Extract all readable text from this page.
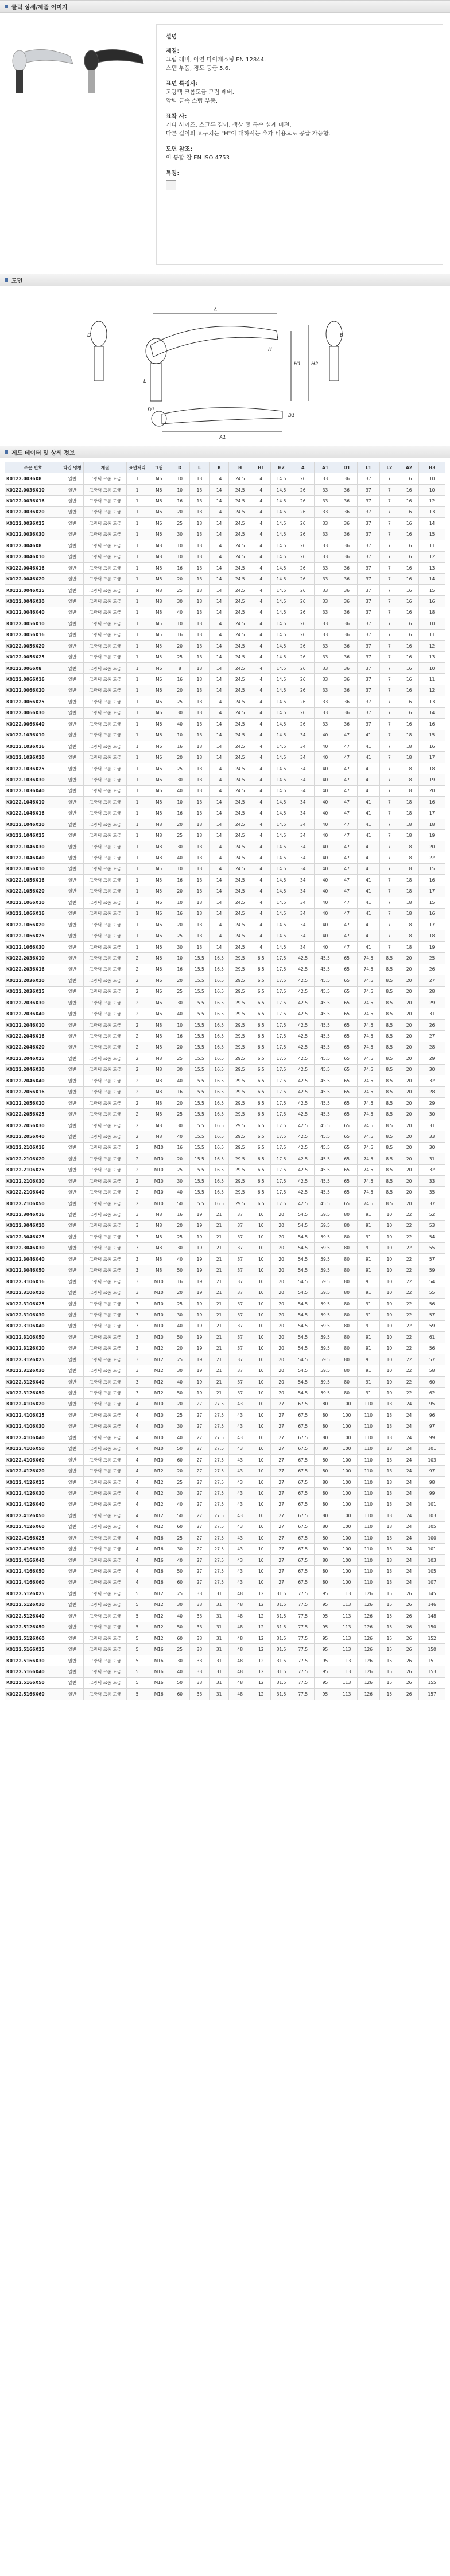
클릭 상세/제품 이미지
설명
재질:
그립 레버, 아연 다이캐스팅 EN 12844.
스텝 부품, 경도 등급 5.6.
표면 특징사:
고광택 크롬도금 그립 레버.
암벽 금속 스텝 부품.
표착 사:
기타 사이즈, 스크류 길이, 색상 및 특수 설계 버전.
다른 길이의 요구치는 "H"이 대하시는 추가 비용으로 공급 가능함.
도면 참조:
이 통합 참 EN ISO 4753
특징:
도면
A
H1 H2
D
L
A1
B
D1
H
B1
제도 데이터 및 상세 정보
주문 번호	타입 명칭	재질	표면처리	그립	D	L	B	H	H1	H2	A	A1	D1	L1	L2	A2	H3
K0122.0036X8	일반	고광택 크롬 도금	1	M6	10	13	14	24.5	4	14.5	26	33	36	37	7	16	10
K0122.0036X10	일반	고광택 크롬 도금	1	M6	10	13	14	24.5	4	14.5	26	33	36	37	7	16	10
K0122.0036X16	일반	고광택 크롬 도금	1	M6	16	13	14	24.5	4	14.5	26	33	36	37	7	16	12
K0122.0036X20	일반	고광택 크롬 도금	1	M6	20	13	14	24.5	4	14.5	26	33	36	37	7	16	13
K0122.0036X25	일반	고광택 크롬 도금	1	M6	25	13	14	24.5	4	14.5	26	33	36	37	7	16	14
K0122.0036X30	일반	고광택 크롬 도금	1	M6	30	13	14	24.5	4	14.5	26	33	36	37	7	16	15
K0122.0046X8	일반	고광택 크롬 도금	1	M8	10	13	14	24.5	4	14.5	26	33	36	37	7	16	11
K0122.0046X10	일반	고광택 크롬 도금	1	M8	10	13	14	24.5	4	14.5	26	33	36	37	7	16	12
K0122.0046X16	일반	고광택 크롬 도금	1	M8	16	13	14	24.5	4	14.5	26	33	36	37	7	16	13
K0122.0046X20	일반	고광택 크롬 도금	1	M8	20	13	14	24.5	4	14.5	26	33	36	37	7	16	14
K0122.0046X25	일반	고광택 크롬 도금	1	M8	25	13	14	24.5	4	14.5	26	33	36	37	7	16	15
K0122.0046X30	일반	고광택 크롬 도금	1	M8	30	13	14	24.5	4	14.5	26	33	36	37	7	16	16
K0122.0046X40	일반	고광택 크롬 도금	1	M8	40	13	14	24.5	4	14.5	26	33	36	37	7	16	18
K0122.0056X10	일반	고광택 크롬 도금	1	M5	10	13	14	24.5	4	14.5	26	33	36	37	7	16	10
K0122.0056X16	일반	고광택 크롬 도금	1	M5	16	13	14	24.5	4	14.5	26	33	36	37	7	16	11
K0122.0056X20	일반	고광택 크롬 도금	1	M5	20	13	14	24.5	4	14.5	26	33	36	37	7	16	12
K0122.0056X25	일반	고광택 크롬 도금	1	M5	25	13	14	24.5	4	14.5	26	33	36	37	7	16	13
K0122.0066X8	일반	고광택 크롬 도금	1	M6	8	13	14	24.5	4	14.5	26	33	36	37	7	16	10
K0122.0066X16	일반	고광택 크롬 도금	1	M6	16	13	14	24.5	4	14.5	26	33	36	37	7	16	11
K0122.0066X20	일반	고광택 크롬 도금	1	M6	20	13	14	24.5	4	14.5	26	33	36	37	7	16	12
K0122.0066X25	일반	고광택 크롬 도금	1	M6	25	13	14	24.5	4	14.5	26	33	36	37	7	16	13
K0122.0066X30	일반	고광택 크롬 도금	1	M6	30	13	14	24.5	4	14.5	26	33	36	37	7	16	14
K0122.0066X40	일반	고광택 크롬 도금	1	M6	40	13	14	24.5	4	14.5	26	33	36	37	7	16	16
K0122.1036X10	일반	고광택 크롬 도금	1	M6	10	13	14	24.5	4	14.5	34	40	47	41	7	18	15
K0122.1036X16	일반	고광택 크롬 도금	1	M6	16	13	14	24.5	4	14.5	34	40	47	41	7	18	16
K0122.1036X20	일반	고광택 크롬 도금	1	M6	20	13	14	24.5	4	14.5	34	40	47	41	7	18	17
K0122.1036X25	일반	고광택 크롬 도금	1	M6	25	13	14	24.5	4	14.5	34	40	47	41	7	18	18
K0122.1036X30	일반	고광택 크롬 도금	1	M6	30	13	14	24.5	4	14.5	34	40	47	41	7	18	19
K0122.1036X40	일반	고광택 크롬 도금	1	M6	40	13	14	24.5	4	14.5	34	40	47	41	7	18	20
K0122.1046X10	일반	고광택 크롬 도금	1	M8	10	13	14	24.5	4	14.5	34	40	47	41	7	18	16
K0122.1046X16	일반	고광택 크롬 도금	1	M8	16	13	14	24.5	4	14.5	34	40	47	41	7	18	17
K0122.1046X20	일반	고광택 크롬 도금	1	M8	20	13	14	24.5	4	14.5	34	40	47	41	7	18	18
K0122.1046X25	일반	고광택 크롬 도금	1	M8	25	13	14	24.5	4	14.5	34	40	47	41	7	18	19
K0122.1046X30	일반	고광택 크롬 도금	1	M8	30	13	14	24.5	4	14.5	34	40	47	41	7	18	20
K0122.1046X40	일반	고광택 크롬 도금	1	M8	40	13	14	24.5	4	14.5	34	40	47	41	7	18	22
K0122.1056X10	일반	고광택 크롬 도금	1	M5	10	13	14	24.5	4	14.5	34	40	47	41	7	18	15
K0122.1056X16	일반	고광택 크롬 도금	1	M5	16	13	14	24.5	4	14.5	34	40	47	41	7	18	16
K0122.1056X20	일반	고광택 크롬 도금	1	M5	20	13	14	24.5	4	14.5	34	40	47	41	7	18	17
K0122.1066X10	일반	고광택 크롬 도금	1	M6	10	13	14	24.5	4	14.5	34	40	47	41	7	18	15
K0122.1066X16	일반	고광택 크롬 도금	1	M6	16	13	14	24.5	4	14.5	34	40	47	41	7	18	16
K0122.1066X20	일반	고광택 크롬 도금	1	M6	20	13	14	24.5	4	14.5	34	40	47	41	7	18	17
K0122.1066X25	일반	고광택 크롬 도금	1	M6	25	13	14	24.5	4	14.5	34	40	47	41	7	18	18
K0122.1066X30	일반	고광택 크롬 도금	1	M6	30	13	14	24.5	4	14.5	34	40	47	41	7	18	19
K0122.2036X10	일반	고광택 크롬 도금	2	M6	10	15.5	16.5	29.5	6.5	17.5	42.5	45.5	65	74.5	8.5	20	25
K0122.2036X16	일반	고광택 크롬 도금	2	M6	16	15.5	16.5	29.5	6.5	17.5	42.5	45.5	65	74.5	8.5	20	26
K0122.2036X20	일반	고광택 크롬 도금	2	M6	20	15.5	16.5	29.5	6.5	17.5	42.5	45.5	65	74.5	8.5	20	27
K0122.2036X25	일반	고광택 크롬 도금	2	M6	25	15.5	16.5	29.5	6.5	17.5	42.5	45.5	65	74.5	8.5	20	28
K0122.2036X30	일반	고광택 크롬 도금	2	M6	30	15.5	16.5	29.5	6.5	17.5	42.5	45.5	65	74.5	8.5	20	29
K0122.2036X40	일반	고광택 크롬 도금	2	M6	40	15.5	16.5	29.5	6.5	17.5	42.5	45.5	65	74.5	8.5	20	31
K0122.2046X10	일반	고광택 크롬 도금	2	M8	10	15.5	16.5	29.5	6.5	17.5	42.5	45.5	65	74.5	8.5	20	26
K0122.2046X16	일반	고광택 크롬 도금	2	M8	16	15.5	16.5	29.5	6.5	17.5	42.5	45.5	65	74.5	8.5	20	27
K0122.2046X20	일반	고광택 크롬 도금	2	M8	20	15.5	16.5	29.5	6.5	17.5	42.5	45.5	65	74.5	8.5	20	28
K0122.2046X25	일반	고광택 크롬 도금	2	M8	25	15.5	16.5	29.5	6.5	17.5	42.5	45.5	65	74.5	8.5	20	29
K0122.2046X30	일반	고광택 크롬 도금	2	M8	30	15.5	16.5	29.5	6.5	17.5	42.5	45.5	65	74.5	8.5	20	30
K0122.2046X40	일반	고광택 크롬 도금	2	M8	40	15.5	16.5	29.5	6.5	17.5	42.5	45.5	65	74.5	8.5	20	32
K0122.2056X16	일반	고광택 크롬 도금	2	M8	16	15.5	16.5	29.5	6.5	17.5	42.5	45.5	65	74.5	8.5	20	28
K0122.2056X20	일반	고광택 크롬 도금	2	M8	20	15.5	16.5	29.5	6.5	17.5	42.5	45.5	65	74.5	8.5	20	29
K0122.2056X25	일반	고광택 크롬 도금	2	M8	25	15.5	16.5	29.5	6.5	17.5	42.5	45.5	65	74.5	8.5	20	30
K0122.2056X30	일반	고광택 크롬 도금	2	M8	30	15.5	16.5	29.5	6.5	17.5	42.5	45.5	65	74.5	8.5	20	31
K0122.2056X40	일반	고광택 크롬 도금	2	M8	40	15.5	16.5	29.5	6.5	17.5	42.5	45.5	65	74.5	8.5	20	33
K0122.2106X16	일반	고광택 크롬 도금	2	M10	16	15.5	16.5	29.5	6.5	17.5	42.5	45.5	65	74.5	8.5	20	30
K0122.2106X20	일반	고광택 크롬 도금	2	M10	20	15.5	16.5	29.5	6.5	17.5	42.5	45.5	65	74.5	8.5	20	31
K0122.2106X25	일반	고광택 크롬 도금	2	M10	25	15.5	16.5	29.5	6.5	17.5	42.5	45.5	65	74.5	8.5	20	32
K0122.2106X30	일반	고광택 크롬 도금	2	M10	30	15.5	16.5	29.5	6.5	17.5	42.5	45.5	65	74.5	8.5	20	33
K0122.2106X40	일반	고광택 크롬 도금	2	M10	40	15.5	16.5	29.5	6.5	17.5	42.5	45.5	65	74.5	8.5	20	35
K0122.2106X50	일반	고광택 크롬 도금	2	M10	50	15.5	16.5	29.5	6.5	17.5	42.5	45.5	65	74.5	8.5	20	37
K0122.3046X16	일반	고광택 크롬 도금	3	M8	16	19	21	37	10	20	54.5	59.5	80	91	10	22	52
K0122.3046X20	일반	고광택 크롬 도금	3	M8	20	19	21	37	10	20	54.5	59.5	80	91	10	22	53
K0122.3046X25	일반	고광택 크롬 도금	3	M8	25	19	21	37	10	20	54.5	59.5	80	91	10	22	54
K0122.3046X30	일반	고광택 크롬 도금	3	M8	30	19	21	37	10	20	54.5	59.5	80	91	10	22	55
K0122.3046X40	일반	고광택 크롬 도금	3	M8	40	19	21	37	10	20	54.5	59.5	80	91	10	22	57
K0122.3046X50	일반	고광택 크롬 도금	3	M8	50	19	21	37	10	20	54.5	59.5	80	91	10	22	59
K0122.3106X16	일반	고광택 크롬 도금	3	M10	16	19	21	37	10	20	54.5	59.5	80	91	10	22	54
K0122.3106X20	일반	고광택 크롬 도금	3	M10	20	19	21	37	10	20	54.5	59.5	80	91	10	22	55
K0122.3106X25	일반	고광택 크롬 도금	3	M10	25	19	21	37	10	20	54.5	59.5	80	91	10	22	56
K0122.3106X30	일반	고광택 크롬 도금	3	M10	30	19	21	37	10	20	54.5	59.5	80	91	10	22	57
K0122.3106X40	일반	고광택 크롬 도금	3	M10	40	19	21	37	10	20	54.5	59.5	80	91	10	22	59
K0122.3106X50	일반	고광택 크롬 도금	3	M10	50	19	21	37	10	20	54.5	59.5	80	91	10	22	61
K0122.3126X20	일반	고광택 크롬 도금	3	M12	20	19	21	37	10	20	54.5	59.5	80	91	10	22	56
K0122.3126X25	일반	고광택 크롬 도금	3	M12	25	19	21	37	10	20	54.5	59.5	80	91	10	22	57
K0122.3126X30	일반	고광택 크롬 도금	3	M12	30	19	21	37	10	20	54.5	59.5	80	91	10	22	58
K0122.3126X40	일반	고광택 크롬 도금	3	M12	40	19	21	37	10	20	54.5	59.5	80	91	10	22	60
K0122.3126X50	일반	고광택 크롬 도금	3	M12	50	19	21	37	10	20	54.5	59.5	80	91	10	22	62
K0122.4106X20	일반	고광택 크롬 도금	4	M10	20	27	27.5	43	10	27	67.5	80	100	110	13	24	95
K0122.4106X25	일반	고광택 크롬 도금	4	M10	25	27	27.5	43	10	27	67.5	80	100	110	13	24	96
K0122.4106X30	일반	고광택 크롬 도금	4	M10	30	27	27.5	43	10	27	67.5	80	100	110	13	24	97
K0122.4106X40	일반	고광택 크롬 도금	4	M10	40	27	27.5	43	10	27	67.5	80	100	110	13	24	99
K0122.4106X50	일반	고광택 크롬 도금	4	M10	50	27	27.5	43	10	27	67.5	80	100	110	13	24	101
K0122.4106X60	일반	고광택 크롬 도금	4	M10	60	27	27.5	43	10	27	67.5	80	100	110	13	24	103
K0122.4126X20	일반	고광택 크롬 도금	4	M12	20	27	27.5	43	10	27	67.5	80	100	110	13	24	97
K0122.4126X25	일반	고광택 크롬 도금	4	M12	25	27	27.5	43	10	27	67.5	80	100	110	13	24	98
K0122.4126X30	일반	고광택 크롬 도금	4	M12	30	27	27.5	43	10	27	67.5	80	100	110	13	24	99
K0122.4126X40	일반	고광택 크롬 도금	4	M12	40	27	27.5	43	10	27	67.5	80	100	110	13	24	101
K0122.4126X50	일반	고광택 크롬 도금	4	M12	50	27	27.5	43	10	27	67.5	80	100	110	13	24	103
K0122.4126X60	일반	고광택 크롬 도금	4	M12	60	27	27.5	43	10	27	67.5	80	100	110	13	24	105
K0122.4166X25	일반	고광택 크롬 도금	4	M16	25	27	27.5	43	10	27	67.5	80	100	110	13	24	100
K0122.4166X30	일반	고광택 크롬 도금	4	M16	30	27	27.5	43	10	27	67.5	80	100	110	13	24	101
K0122.4166X40	일반	고광택 크롬 도금	4	M16	40	27	27.5	43	10	27	67.5	80	100	110	13	24	103
K0122.4166X50	일반	고광택 크롬 도금	4	M16	50	27	27.5	43	10	27	67.5	80	100	110	13	24	105
K0122.4166X60	일반	고광택 크롬 도금	4	M16	60	27	27.5	43	10	27	67.5	80	100	110	13	24	107
K0122.5126X25	일반	고광택 크롬 도금	5	M12	25	33	31	48	12	31.5	77.5	95	113	126	15	26	145
K0122.5126X30	일반	고광택 크롬 도금	5	M12	30	33	31	48	12	31.5	77.5	95	113	126	15	26	146
K0122.5126X40	일반	고광택 크롬 도금	5	M12	40	33	31	48	12	31.5	77.5	95	113	126	15	26	148
K0122.5126X50	일반	고광택 크롬 도금	5	M12	50	33	31	48	12	31.5	77.5	95	113	126	15	26	150
K0122.5126X60	일반	고광택 크롬 도금	5	M12	60	33	31	48	12	31.5	77.5	95	113	126	15	26	152
K0122.5166X25	일반	고광택 크롬 도금	5	M16	25	33	31	48	12	31.5	77.5	95	113	126	15	26	150
K0122.5166X30	일반	고광택 크롬 도금	5	M16	30	33	31	48	12	31.5	77.5	95	113	126	15	26	151
K0122.5166X40	일반	고광택 크롬 도금	5	M16	40	33	31	48	12	31.5	77.5	95	113	126	15	26	153
K0122.5166X50	일반	고광택 크롬 도금	5	M16	50	33	31	48	12	31.5	77.5	95	113	126	15	26	155
K0122.5166X60	일반	고광택 크롬 도금	5	M16	60	33	31	48	12	31.5	77.5	95	113	126	15	26	157
